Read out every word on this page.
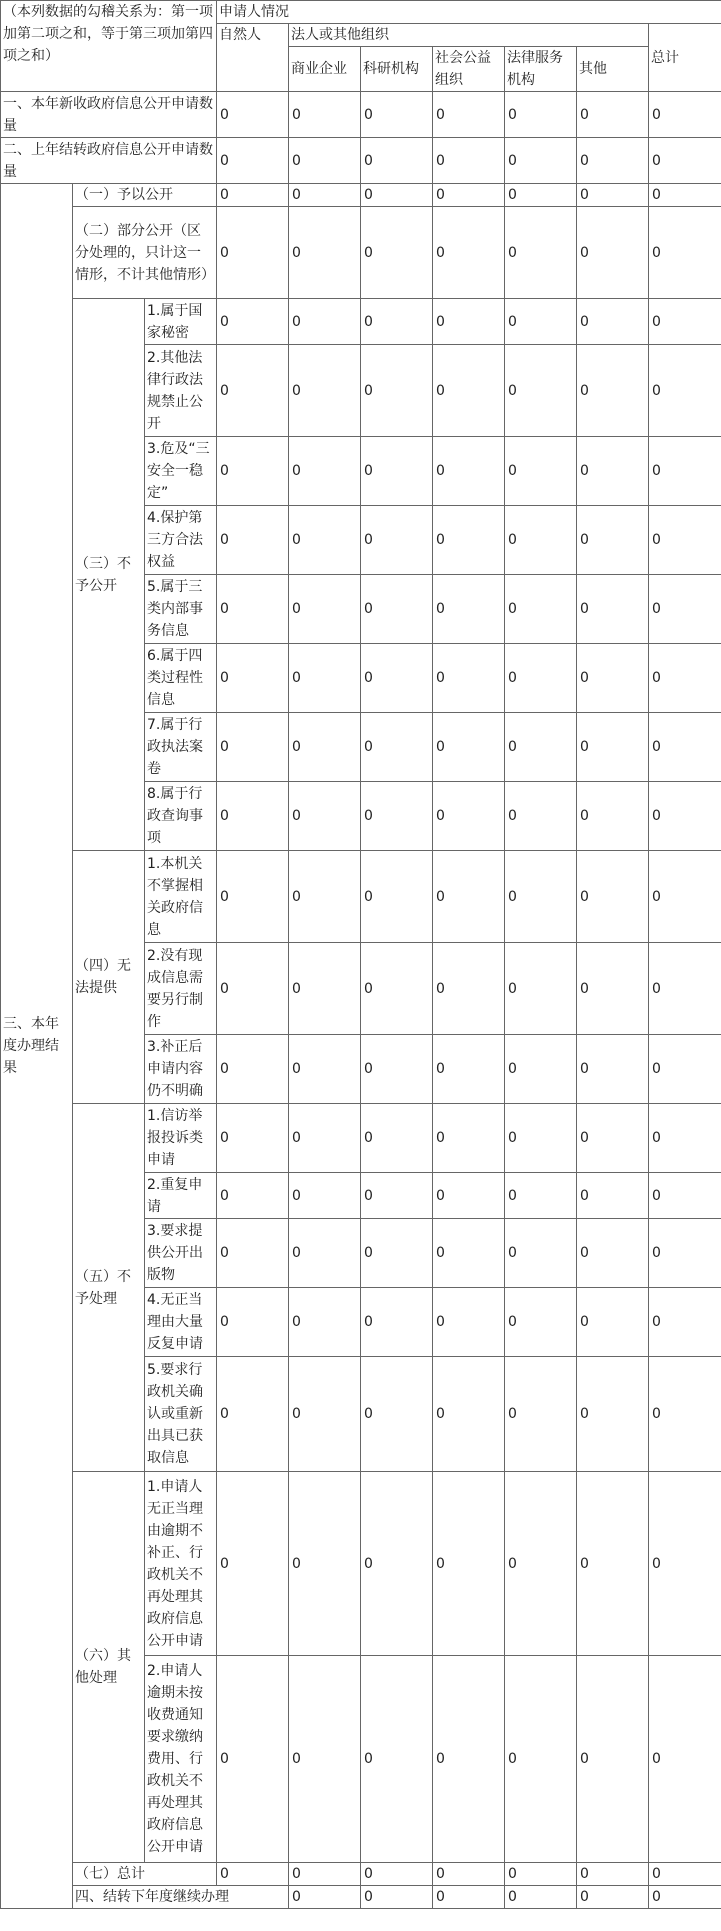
（本列数据的勾稽关系为：第一项加第二项之和，等于第三项加第四项之和）			申请人情况							
			自然人	法人或其他组织					总计	
				商业企业	科研机构	社会公益组织	法律服务机构	其他		
一、本年新收政府信息公开申请数量			0	0	0	0	0	0	0	
二、上年结转政府信息公开申请数量			0	0	0	0	0	0	0	
三、本年度办理结果	（一）予以公开		0	0	0	0	0	0	0	
	（二）部分公开（区分处理的，只计这一情形，不计其他情形）		0	0	0	0	0	0	0	
	（三）不予公开	1.属于国家秘密	0	0	0	0	0	0	0	
		2.其他法律行政法规禁止公开	0	0	0	0	0	0	0	
		3.危及“三安全一稳定”	0	0	0	0	0	0	0	
		4.保护第三方合法权益	0	0	0	0	0	0	0	
		5.属于三类内部事务信息	0	0	0	0	0	0	0	
		6.属于四类过程性信息	0	0	0	0	0	0	0	
		7.属于行政执法案卷	0	0	0	0	0	0	0	
		8.属于行政查询事项	0	0	0	0	0	0	0	
	（四）无法提供	1.本机关不掌握相关政府信息	0	0	0	0	0	0	0	
		2.没有现成信息需要另行制作	0	0	0	0	0	0	0	
		3.补正后申请内容仍不明确	0	0	0	0	0	0	0	
	（五）不予处理	1.信访举报投诉类申请	0	0	0	0	0	0	0	
		2.重复申请	0	0	0	0	0	0	0	
		3.要求提供公开出版物	0	0	0	0	0	0	0	
		4.无正当理由大量反复申请	0	0	0	0	0	0	0	
		5.要求行政机关确认或重新出具已获取信息	0	0	0	0	0	0	0	
	（六）其他处理	1.申请人无正当理由逾期不补正、行政机关不再处理其政府信息公开申请	0	0	0	0	0	0	0	
		2.申请人逾期未按收费通知要求缴纳费用、行政机关不再处理其政府信息公开申请	0	0	0	0	0	0	0	
	（七）总计		0	0	0	0	0	0	0	
	四、结转下年度继续办理			0	0	0	0	0	0	
